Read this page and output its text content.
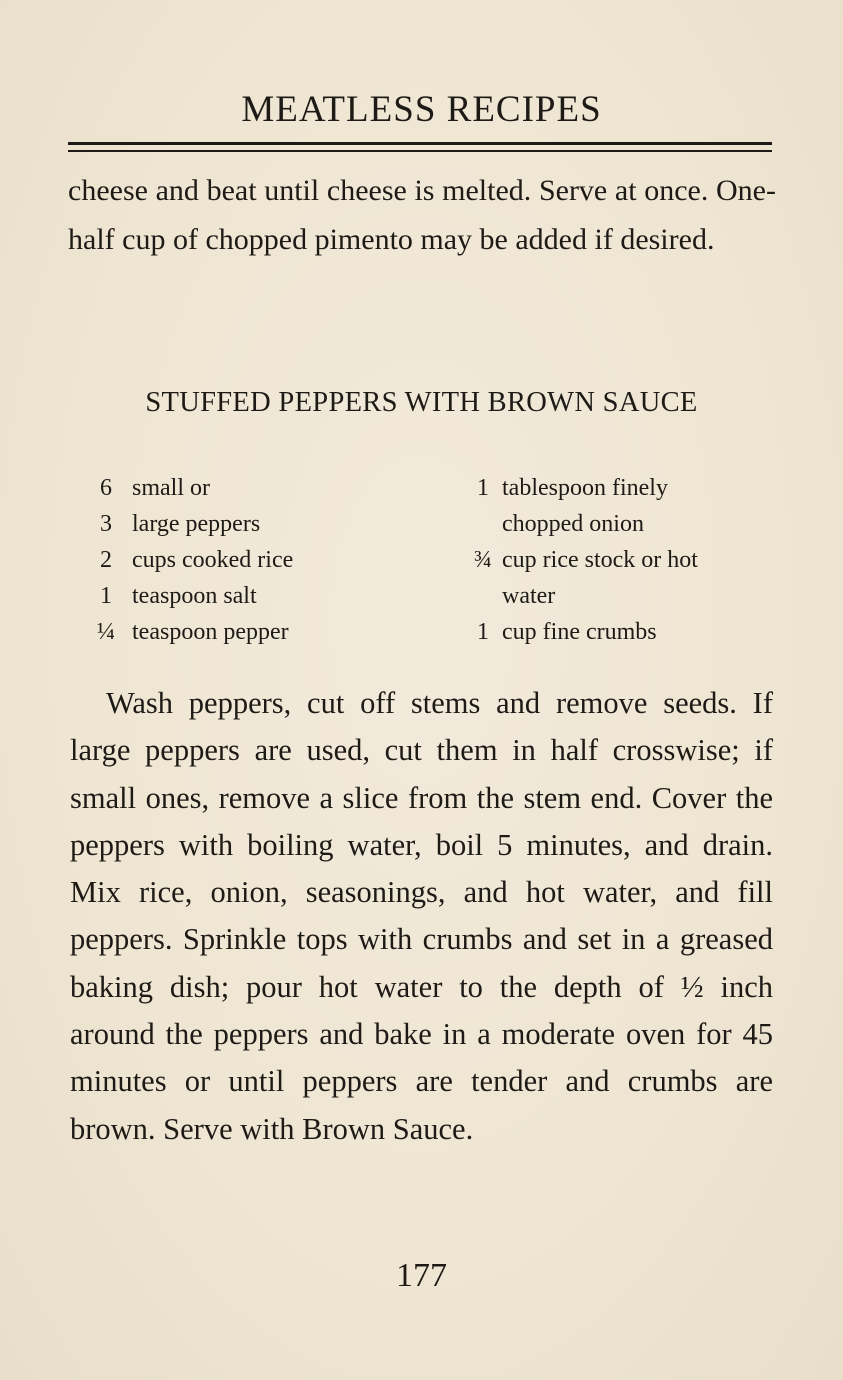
MEATLESS RECIPES
cheese and beat until cheese is melted. Serve at once. One-half cup of chopped pimento may be added if desired.
STUFFED PEPPERS WITH BROWN SAUCE
6 small or
3 large peppers
2 cups cooked rice
1 teaspoon salt
¼ teaspoon pepper
1 tablespoon finely
chopped onion
¾ cup rice stock or hot
water
1 cup fine crumbs

Wash peppers, cut off stems and remove seeds. If large peppers are used, cut them in half crosswise; if small ones, remove a slice from the stem end. Cover the peppers with boiling water, boil 5 minutes, and drain. Mix rice, onion, seasonings, and hot water, and fill peppers. Sprinkle tops with crumbs and set in a greased baking dish; pour hot water to the depth of ½ inch around the peppers and bake in a moderate oven for 45 minutes or until peppers are tender and crumbs are brown. Serve with Brown Sauce.

177
